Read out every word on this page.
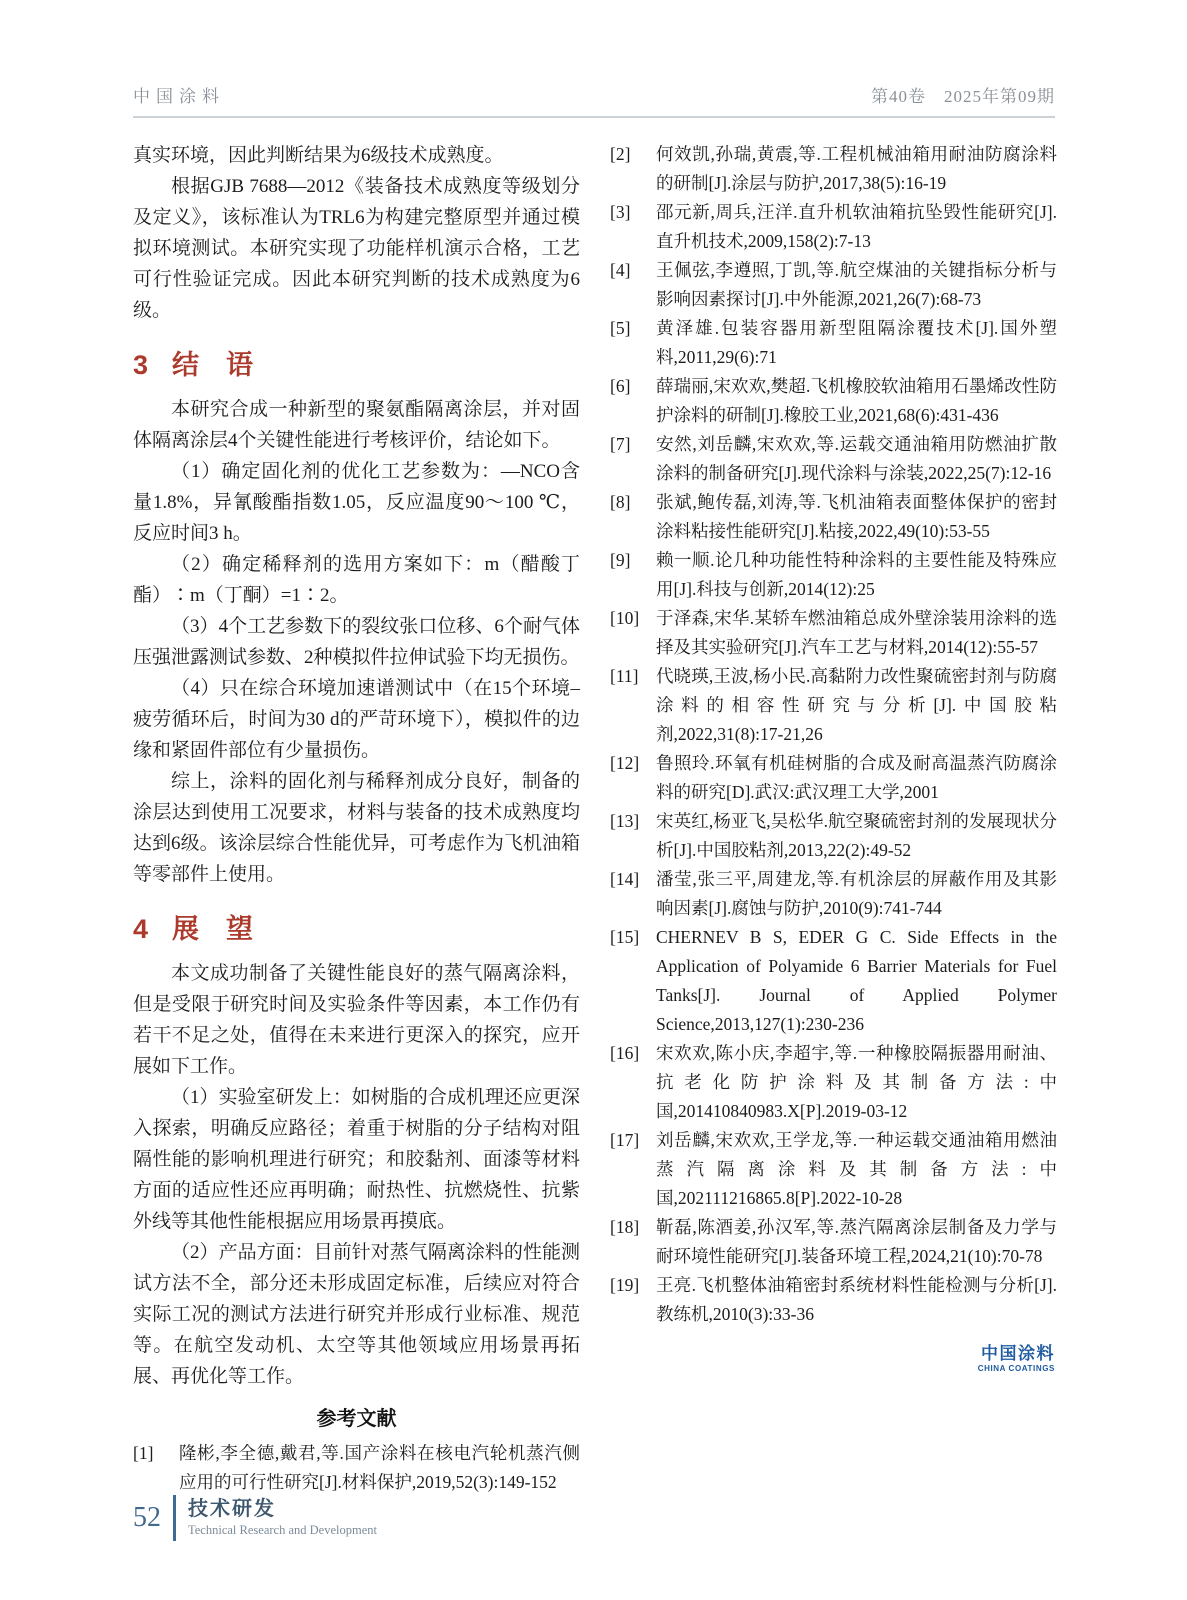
中国涂料	第40卷　2025年第09期

真实环境，因此判断结果为6级技术成熟度。

根据GJB 7688—2012《装备技术成熟度等级划分及定义》，该标准认为TRL6为构建完整原型并通过模拟环境测试。本研究实现了功能样机演示合格，工艺可行性验证完成。因此本研究判断的技术成熟度为6级。

3 结　语

本研究合成一种新型的聚氨酯隔离涂层，并对固体隔离涂层4个关键性能进行考核评价，结论如下。

（1）确定固化剂的优化工艺参数为：—NCO含量1.8%，异氰酸酯指数1.05，反应温度90～100 ℃，反应时间3 h。

（2）确定稀释剂的选用方案如下：m（醋酸丁酯）∶m（丁酮）=1∶2。

（3）4个工艺参数下的裂纹张口位移、6个耐气体压强泄露测试参数、2种模拟件拉伸试验下均无损伤。

（4）只在综合环境加速谱测试中（在15个环境–疲劳循环后，时间为30 d的严苛环境下），模拟件的边缘和紧固件部位有少量损伤。

综上，涂料的固化剂与稀释剂成分良好，制备的涂层达到使用工况要求，材料与装备的技术成熟度均达到6级。该涂层综合性能优异，可考虑作为飞机油箱等零部件上使用。

4 展　望

本文成功制备了关键性能良好的蒸气隔离涂料，但是受限于研究时间及实验条件等因素，本工作仍有若干不足之处，值得在未来进行更深入的探究，应开展如下工作。

（1）实验室研发上：如树脂的合成机理还应更深入探索，明确反应路径；着重于树脂的分子结构对阻隔性能的影响机理进行研究；和胶黏剂、面漆等材料方面的适应性还应再明确；耐热性、抗燃烧性、抗紫外线等其他性能根据应用场景再摸底。

（2）产品方面：目前针对蒸气隔离涂料的性能测试方法不全，部分还未形成固定标准，后续应对符合实际工况的测试方法进行研究并形成行业标准、规范等。在航空发动机、太空等其他领域应用场景再拓展、再优化等工作。

参考文献
[1]	隆彬,李全德,戴君,等.国产涂料在核电汽轮机蒸汽侧应用的可行性研究[J].材料保护,2019,52(3):149-152
[2]	何效凯,孙瑞,黄震,等.工程机械油箱用耐油防腐涂料的研制[J].涂层与防护,2017,38(5):16-19
[3]	邵元新,周兵,汪洋.直升机软油箱抗坠毁性能研究[J].直升机技术,2009,158(2):7-13
[4]	王佩弦,李遵照,丁凯,等.航空煤油的关键指标分析与影响因素探讨[J].中外能源,2021,26(7):68-73
[5]	黄泽雄.包装容器用新型阻隔涂覆技术[J].国外塑料,2011,29(6):71
[6]	薛瑞丽,宋欢欢,樊超.飞机橡胶软油箱用石墨烯改性防护涂料的研制[J].橡胶工业,2021,68(6):431-436
[7]	安然,刘岳麟,宋欢欢,等.运载交通油箱用防燃油扩散涂料的制备研究[J].现代涂料与涂装,2022,25(7):12-16
[8]	张斌,鲍传磊,刘涛,等.飞机油箱表面整体保护的密封涂料粘接性能研究[J].粘接,2022,49(10):53-55
[9]	赖一顺.论几种功能性特种涂料的主要性能及特殊应用[J].科技与创新,2014(12):25
[10] 于泽森,宋华.某轿车燃油箱总成外壁涂装用涂料的选择及其实验研究[J].汽车工艺与材料,2014(12):55-57
[11] 代晓瑛,王波,杨小民.高黏附力改性聚硫密封剂与防腐涂料的相容性研究与分析[J].中国胶粘剂,2022,31(8):17-21,26
[12] 鲁照玲.环氧有机硅树脂的合成及耐高温蒸汽防腐涂料的研究[D].武汉:武汉理工大学,2001
[13] 宋英红,杨亚飞,吴松华.航空聚硫密封剂的发展现状分析[J].中国胶粘剂,2013,22(2):49-52
[14] 潘莹,张三平,周建龙,等.有机涂层的屏蔽作用及其影响因素[J].腐蚀与防护,2010(9):741-744
[15] CHERNEV B S, EDER G C. Side Effects in the Application of Polyamide 6 Barrier Materials for Fuel Tanks[J]. Journal of Applied Polymer Science,2013,127(1):230-236
[16] 宋欢欢,陈小庆,李超宇,等.一种橡胶隔振器用耐油、抗老化防护涂料及其制备方法:中国,201410840983.X[P].2019-03-12
[17] 刘岳麟,宋欢欢,王学龙,等.一种运载交通油箱用燃油蒸汽隔离涂料及其制备方法:中国,202111216865.8[P].2022-10-28
[18] 靳磊,陈酒姜,孙汉军,等.蒸汽隔离涂层制备及力学与耐环境性能研究[J].装备环境工程,2024,21(10):70-78
[19] 王亮.飞机整体油箱密封系统材料性能检测与分析[J].教练机,2010(3):33-36
中国涂料
CHINA COATINGS
52 技术研发
Technical Research and Development
